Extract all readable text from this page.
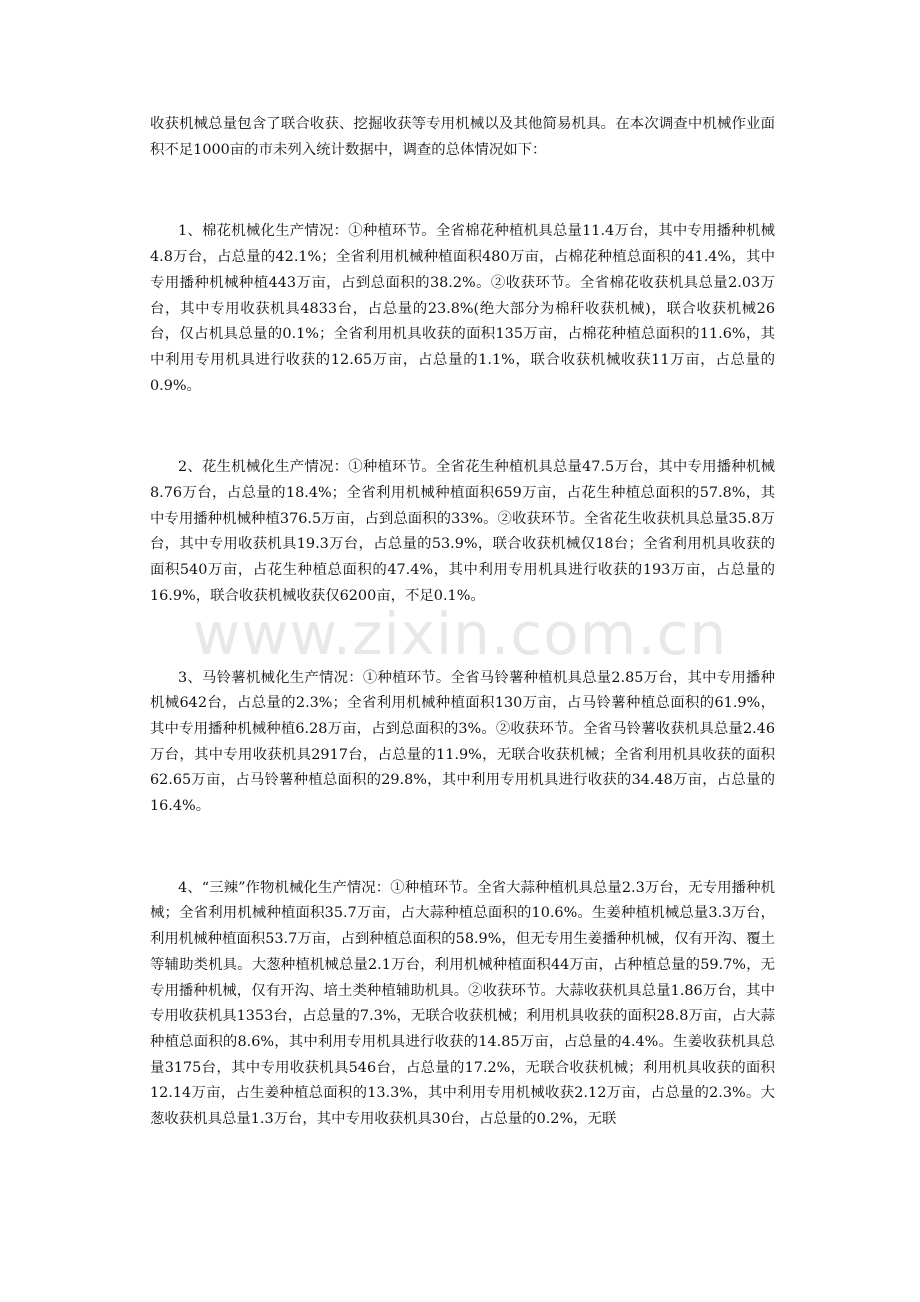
收获机械总量包含了联合收获、挖掘收获等专用机械以及其他简易机具。在本次调查中机械作业面积不足1000亩的市未列入统计数据中，调查的总体情况如下：

1、棉花机械化生产情况：①种植环节。全省棉花种植机具总量11.4万台，其中专用播种机械4.8万台，占总量的42.1%；全省利用机械种植面积480万亩，占棉花种植总面积的41.4%，其中专用播种机械种植443万亩，占到总面积的38.2%。②收获环节。全省棉花收获机具总量2.03万台，其中专用收获机具4833台，占总量的23.8%(绝大部分为棉秆收获机械)，联合收获机械26台，仅占机具总量的0.1%；全省利用机具收获的面积135万亩，占棉花种植总面积的11.6%，其中利用专用机具进行收获的12.65万亩，占总量的1.1%，联合收获机械收获11万亩，占总量的0.9%。

2、花生机械化生产情况：①种植环节。全省花生种植机具总量47.5万台，其中专用播种机械8.76万台，占总量的18.4%；全省利用机械种植面积659万亩，占花生种植总面积的57.8%，其中专用播种机械种植376.5万亩，占到总面积的33%。②收获环节。全省花生收获机具总量35.8万台，其中专用收获机具19.3万台，占总量的53.9%，联合收获机械仅18台；全省利用机具收获的面积540万亩，占花生种植总面积的47.4%，其中利用专用机具进行收获的193万亩，占总量的16.9%，联合收获机械收获仅6200亩，不足0.1%。

3、马铃薯机械化生产情况：①种植环节。全省马铃薯种植机具总量2.85万台，其中专用播种机械642台，占总量的2.3%；全省利用机械种植面积130万亩，占马铃薯种植总面积的61.9%，其中专用播种机械种植6.28万亩，占到总面积的3%。②收获环节。全省马铃薯收获机具总量2.46万台，其中专用收获机具2917台，占总量的11.9%，无联合收获机械；全省利用机具收获的面积62.65万亩，占马铃薯种植总面积的29.8%，其中利用专用机具进行收获的34.48万亩，占总量的16.4%。

4、“三辣”作物机械化生产情况：①种植环节。全省大蒜种植机具总量2.3万台，无专用播种机械；全省利用机械种植面积35.7万亩，占大蒜种植总面积的10.6%。生姜种植机械总量3.3万台，利用机械种植面积53.7万亩，占到种植总面积的58.9%，但无专用生姜播种机械，仅有开沟、覆土等辅助类机具。大葱种植机械总量2.1万台，利用机械种植面积44万亩，占种植总量的59.7%，无专用播种机械，仅有开沟、培土类种植辅助机具。②收获环节。大蒜收获机具总量1.86万台，其中专用收获机具1353台，占总量的7.3%，无联合收获机械；利用机具收获的面积28.8万亩，占大蒜种植总面积的8.6%，其中利用专用机具进行收获的14.85万亩，占总量的4.4%。生姜收获机具总量3175台，其中专用收获机具546台，占总量的17.2%，无联合收获机械；利用机具收获的面积12.14万亩，占生姜种植总面积的13.3%，其中利用专用机械收获2.12万亩，占总量的2.3%。大葱收获机具总量1.3万台，其中专用收获机具30台，占总量的0.2%，无联

www.zixin.com.cn
